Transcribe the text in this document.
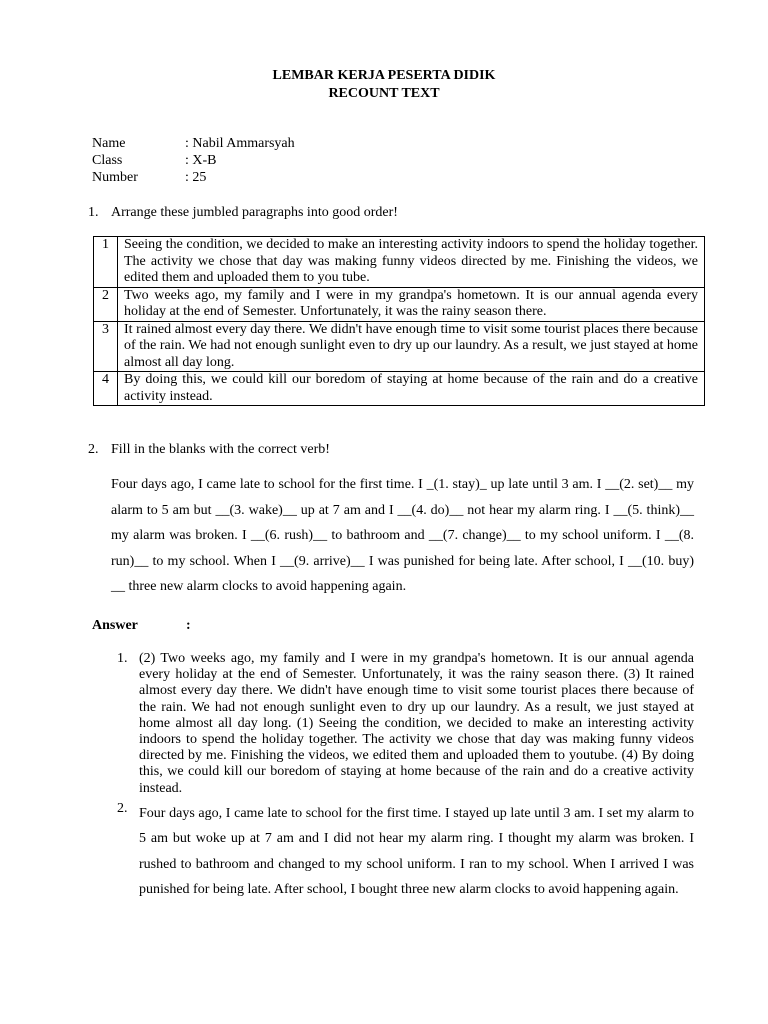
LEMBAR KERJA PESERTA DIDIK
RECOUNT TEXT
Name	: Nabil Ammarsyah
Class	: X-B
Number	: 25
1. Arrange these jumbled paragraphs into good order!
1	Seeing the condition, we decided to make an interesting activity indoors to spend the holiday together. The activity we chose that day was making funny videos directed by me. Finishing the videos, we edited them and uploaded them to you tube.
2	Two weeks ago, my family and I were in my grandpa's hometown. It is our annual agenda every holiday at the end of Semester. Unfortunately, it was the rainy season there.
3	It rained almost every day there. We didn't have enough time to visit some tourist places there because of the rain. We had not enough sunlight even to dry up our laundry. As a result, we just stayed at home almost all day long.
4	By doing this, we could kill our boredom of staying at home because of the rain and do a creative activity instead.
2. Fill in the blanks with the correct verb!
Four days ago, I came late to school for the first time. I _(1. stay)_ up late until 3 am. I __(2. set)__ my alarm to 5 am but __(3. wake)__ up at 7 am and I __(4. do)__ not hear my alarm ring. I __(5. think)__ my alarm was broken. I __(6. rush)__ to bathroom and __(7. change)__ to my school uniform. I __(8. run)__ to my school. When I __(9. arrive)__ I was punished for being late. After school, I __(10. buy) __ three new alarm clocks to avoid happening again.
Answer	:
1. (2) Two weeks ago, my family and I were in my grandpa's hometown. It is our annual agenda every holiday at the end of Semester. Unfortunately, it was the rainy season there. (3) It rained almost every day there. We didn't have enough time to visit some tourist places there because of the rain. We had not enough sunlight even to dry up our laundry. As a result, we just stayed at home almost all day long. (1) Seeing the condition, we decided to make an interesting activity indoors to spend the holiday together. The activity we chose that day was making funny videos directed by me. Finishing the videos, we edited them and uploaded them to youtube. (4) By doing this, we could kill our boredom of staying at home because of the rain and do a creative activity instead.
2. Four days ago, I came late to school for the first time. I stayed up late until 3 am. I set my alarm to 5 am but woke up at 7 am and I did not hear my alarm ring. I thought my alarm was broken. I rushed to bathroom and changed to my school uniform. I ran to my school. When I arrived I was punished for being late. After school, I bought three new alarm clocks to avoid happening again.
